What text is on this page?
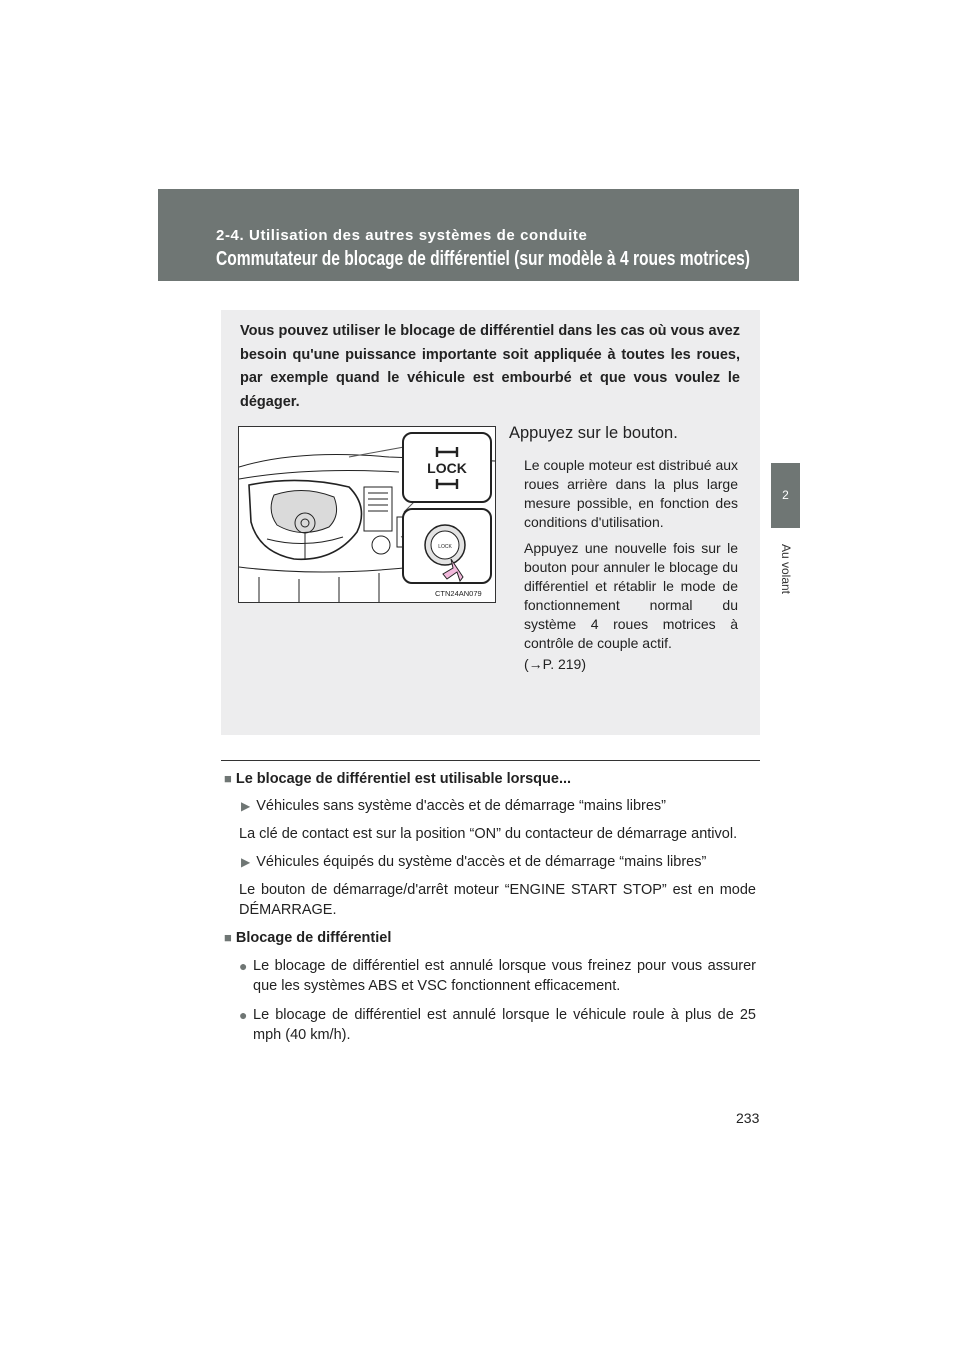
2-4. Utilisation des autres systèmes de conduite
Commutateur de blocage de différentiel (sur modèle à 4 roues motrices)
2
Au volant
Vous pouvez utiliser le blocage de différentiel dans les cas où vous avez besoin qu'une puissance importante soit appliquée à toutes les roues, par exemple quand le véhicule est embourbé et que vous voulez le dégager.
LOCK
LOCK
CTN24AN079
Appuyez sur le bouton.

Le couple moteur est distribué aux roues arrière dans la plus large mesure possible, en fonction des conditions d'utilisation.

Appuyez une nouvelle fois sur le bouton pour annuler le blocage du différentiel et rétablir le mode de fonctionnement normal du système 4 roues motrices à contrôle de couple actif.

(→P. 219)

■ Le blocage de différentiel est utilisable lorsque...
▶ Véhicules sans système d'accès et de démarrage “mains libres”
La clé de contact est sur la position “ON” du contacteur de démarrage antivol.
▶ Véhicules équipés du système d'accès et de démarrage “mains libres”
Le bouton de démarrage/d'arrêt moteur “ENGINE START STOP” est en mode DÉMARRAGE.
■ Blocage de différentiel
● Le blocage de différentiel est annulé lorsque vous freinez pour vous assurer que les systèmes ABS et VSC fonctionnent efficacement.
● Le blocage de différentiel est annulé lorsque le véhicule roule à plus de 25 mph (40 km/h).
233
